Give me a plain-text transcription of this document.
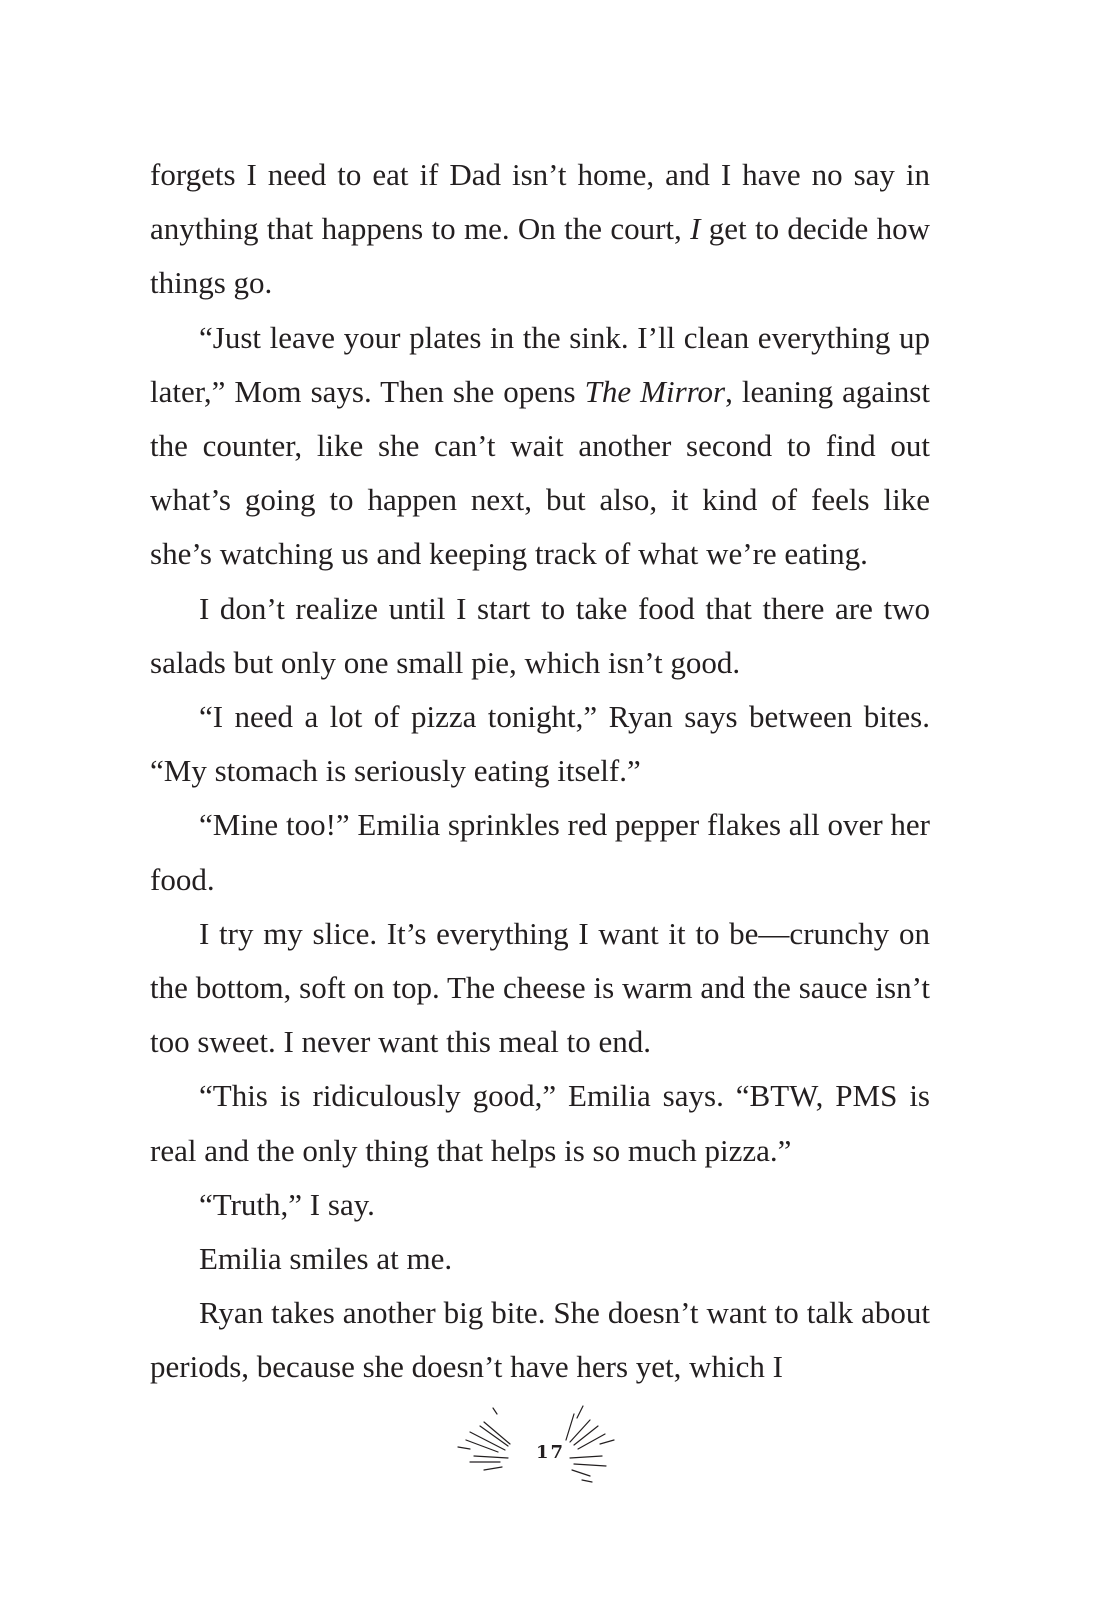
forgets I need to eat if Dad isn’t home, and I have no say in anything that happens to me. On the court, I get to decide how things go.

“Just leave your plates in the sink. I’ll clean everything up later,” Mom says. Then she opens The Mirror, leaning against the counter, like she can’t wait another second to find out what’s going to happen next, but also, it kind of feels like she’s watching us and keeping track of what we’re eating.

I don’t realize until I start to take food that there are two salads but only one small pie, which isn’t good.

“I need a lot of pizza tonight,” Ryan says between bites. “My stomach is seriously eating itself.”

“Mine too!” Emilia sprinkles red pepper flakes all over her food.

I try my slice. It’s everything I want it to be—crunchy on the bottom, soft on top. The cheese is warm and the sauce isn’t too sweet. I never want this meal to end.

“This is ridiculously good,” Emilia says. “BTW, PMS is real and the only thing that helps is so much pizza.”

“Truth,” I say.

Emilia smiles at me.

Ryan takes another big bite. She doesn’t want to talk about periods, because she doesn’t have hers yet, which I

17
